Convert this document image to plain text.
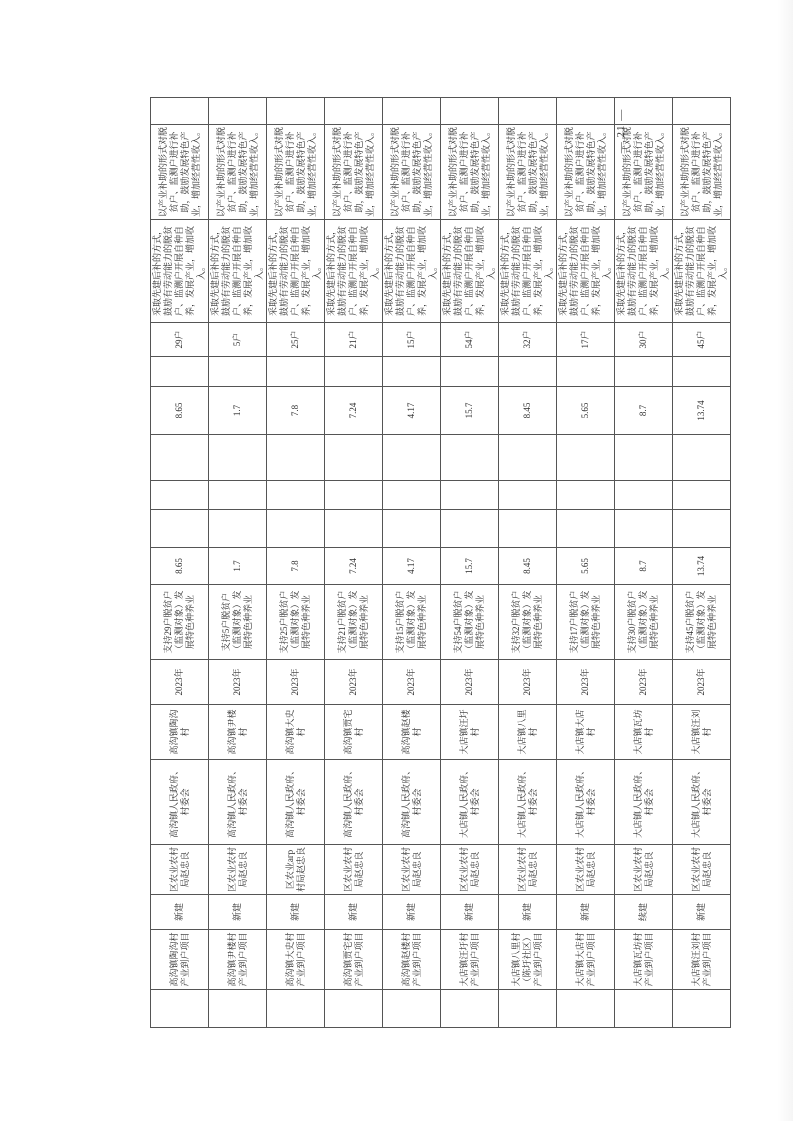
	高沟镇陶沟村产业到户项目	新建	区农业农村局赵忠良	高沟镇人民政府、村委会	高沟镇陶沟村	2023年	支持29户脱贫户（监测对象）发展特色种养业	8.65				8.65		29户	采取先建后补的方式，鼓励有劳动能力的脱贫户、监测户开展自种自养，发展产业，增加收入。	以产业补助的形式对脱贫户、监测户进行补助，鼓励发展特色产业，增加经营性收入。	
	高沟镇尹楼村产业到户项目	新建	区农业农村局赵忠良	高沟镇人民政府、村委会	高沟镇尹楼村	2023年	支持5户脱贫户（监测对象）发展特色种养业	1.7				1.7		5户	采取先建后补的方式，鼓励有劳动能力的脱贫户、监测户开展自种自养，发展产业，增加收入。	以产业补助的形式对脱贫户、监测户进行补助，鼓励发展特色产业，增加经营性收入。	
	高沟镇大史村产业到户项目	新建	区农业агр村局赵忠良	高沟镇人民政府、村委会	高沟镇大史村	2023年	支持25户脱贫户（监测对象）发展特色种养业	7.8				7.8		25户	采取先建后补的方式，鼓励有劳动能力的脱贫户、监测户开展自种自养，发展产业，增加收入。	以产业补助的形式对脱贫户、监测户进行补助，鼓励发展特色产业，增加经营性收入。	
	高沟镇贾宅村产业到户项目	新建	区农业农村局赵忠良	高沟镇人民政府、村委会	高沟镇贾宅村	2023年	支持21户脱贫户（监测对象）发展特色种养业	7.24				7.24		21户	采取先建后补的方式，鼓励有劳动能力的脱贫户、监测户开展自种自养，发展产业，增加收入。	以产业补助的形式对脱贫户、监测户进行补助，鼓励发展特色产业，增加经营性收入。	
	高沟镇赵楼村产业到户项目	新建	区农业农村局赵忠良	高沟镇人民政府、村委会	高沟镇赵楼村	2023年	支持15户脱贫户（监测对象）发展特色种养业	4.17				4.17		15户	采取先建后补的方式，鼓励有劳动能力的脱贫户、监测户开展自种自养，发展产业，增加收入。	以产业补助的形式对脱贫户、监测户进行补助，鼓励发展特色产业，增加经营性收入。	
	大店镇汪圩村产业到户项目	新建	区农业农村局赵忠良	大店镇人民政府、村委会	大店镇汪圩村	2023年	支持54户脱贫户（监测对象）发展特色种养业	15.7				15.7		54户	采取先建后补的方式，鼓励有劳动能力的脱贫户、监测户开展自种自养，发展产业，增加收入。	以产业补助的形式对脱贫户、监测户进行补助，鼓励发展特色产业，增加经营性收入。	
	大店镇八里村（陈圩社区）产业到户项目	新建	区农业农村局赵忠良	大店镇人民政府、村委会	大店镇八里村	2023年	支持32户脱贫户（监测对象）发展特色种养业	8.45				8.45		32户	采取先建后补的方式，鼓励有劳动能力的脱贫户、监测户开展自种自养，发展产业，增加收入。	以产业补助的形式对脱贫户、监测户进行补助，鼓励发展特色产业，增加经营性收入。	
	大店镇大店村产业到户项目	新建	区农业农村局赵忠良	大店镇人民政府、村委会	大店镇大店村	2023年	支持17户脱贫户（监测对象）发展特色种养业	5.65				5.65		17户	采取先建后补的方式，鼓励有劳动能力的脱贫户、监测户开展自种自养，发展产业，增加收入。	以产业补助的形式对脱贫户、监测户进行补助，鼓励发展特色产业，增加经营性收入。	
	大店镇瓦坊村产业到户项目	续建	区农业农村局赵忠良	大店镇人民政府、村委会	大店镇瓦坊村	2023年	支持30户脱贫户（监测对象）发展特色种养业	8.7				8.7		30户	采取先建后补的方式，鼓励有劳动能力的脱贫户、监测户开展自种自养，发展产业，增加收入。	以产业补助的形式对脱贫户、监测户进行补助，鼓励发展特色产业，增加经营性收入。	
	大店镇汪刘村产业到户项目	新建	区农业农村局赵忠良	大店镇人民政府、村委会	大店镇汪刘村	2023年	支持45户脱贫户（监测对象）发展特色种养业	13.74				13.74		45户	采取先建后补的方式，鼓励有劳动能力的脱贫户、监测户开展自种自养，发展产业，增加收入。	以产业补助的形式对脱贫户、监测户进行补助，鼓励发展特色产业，增加经营性收入。	
— 21 —
